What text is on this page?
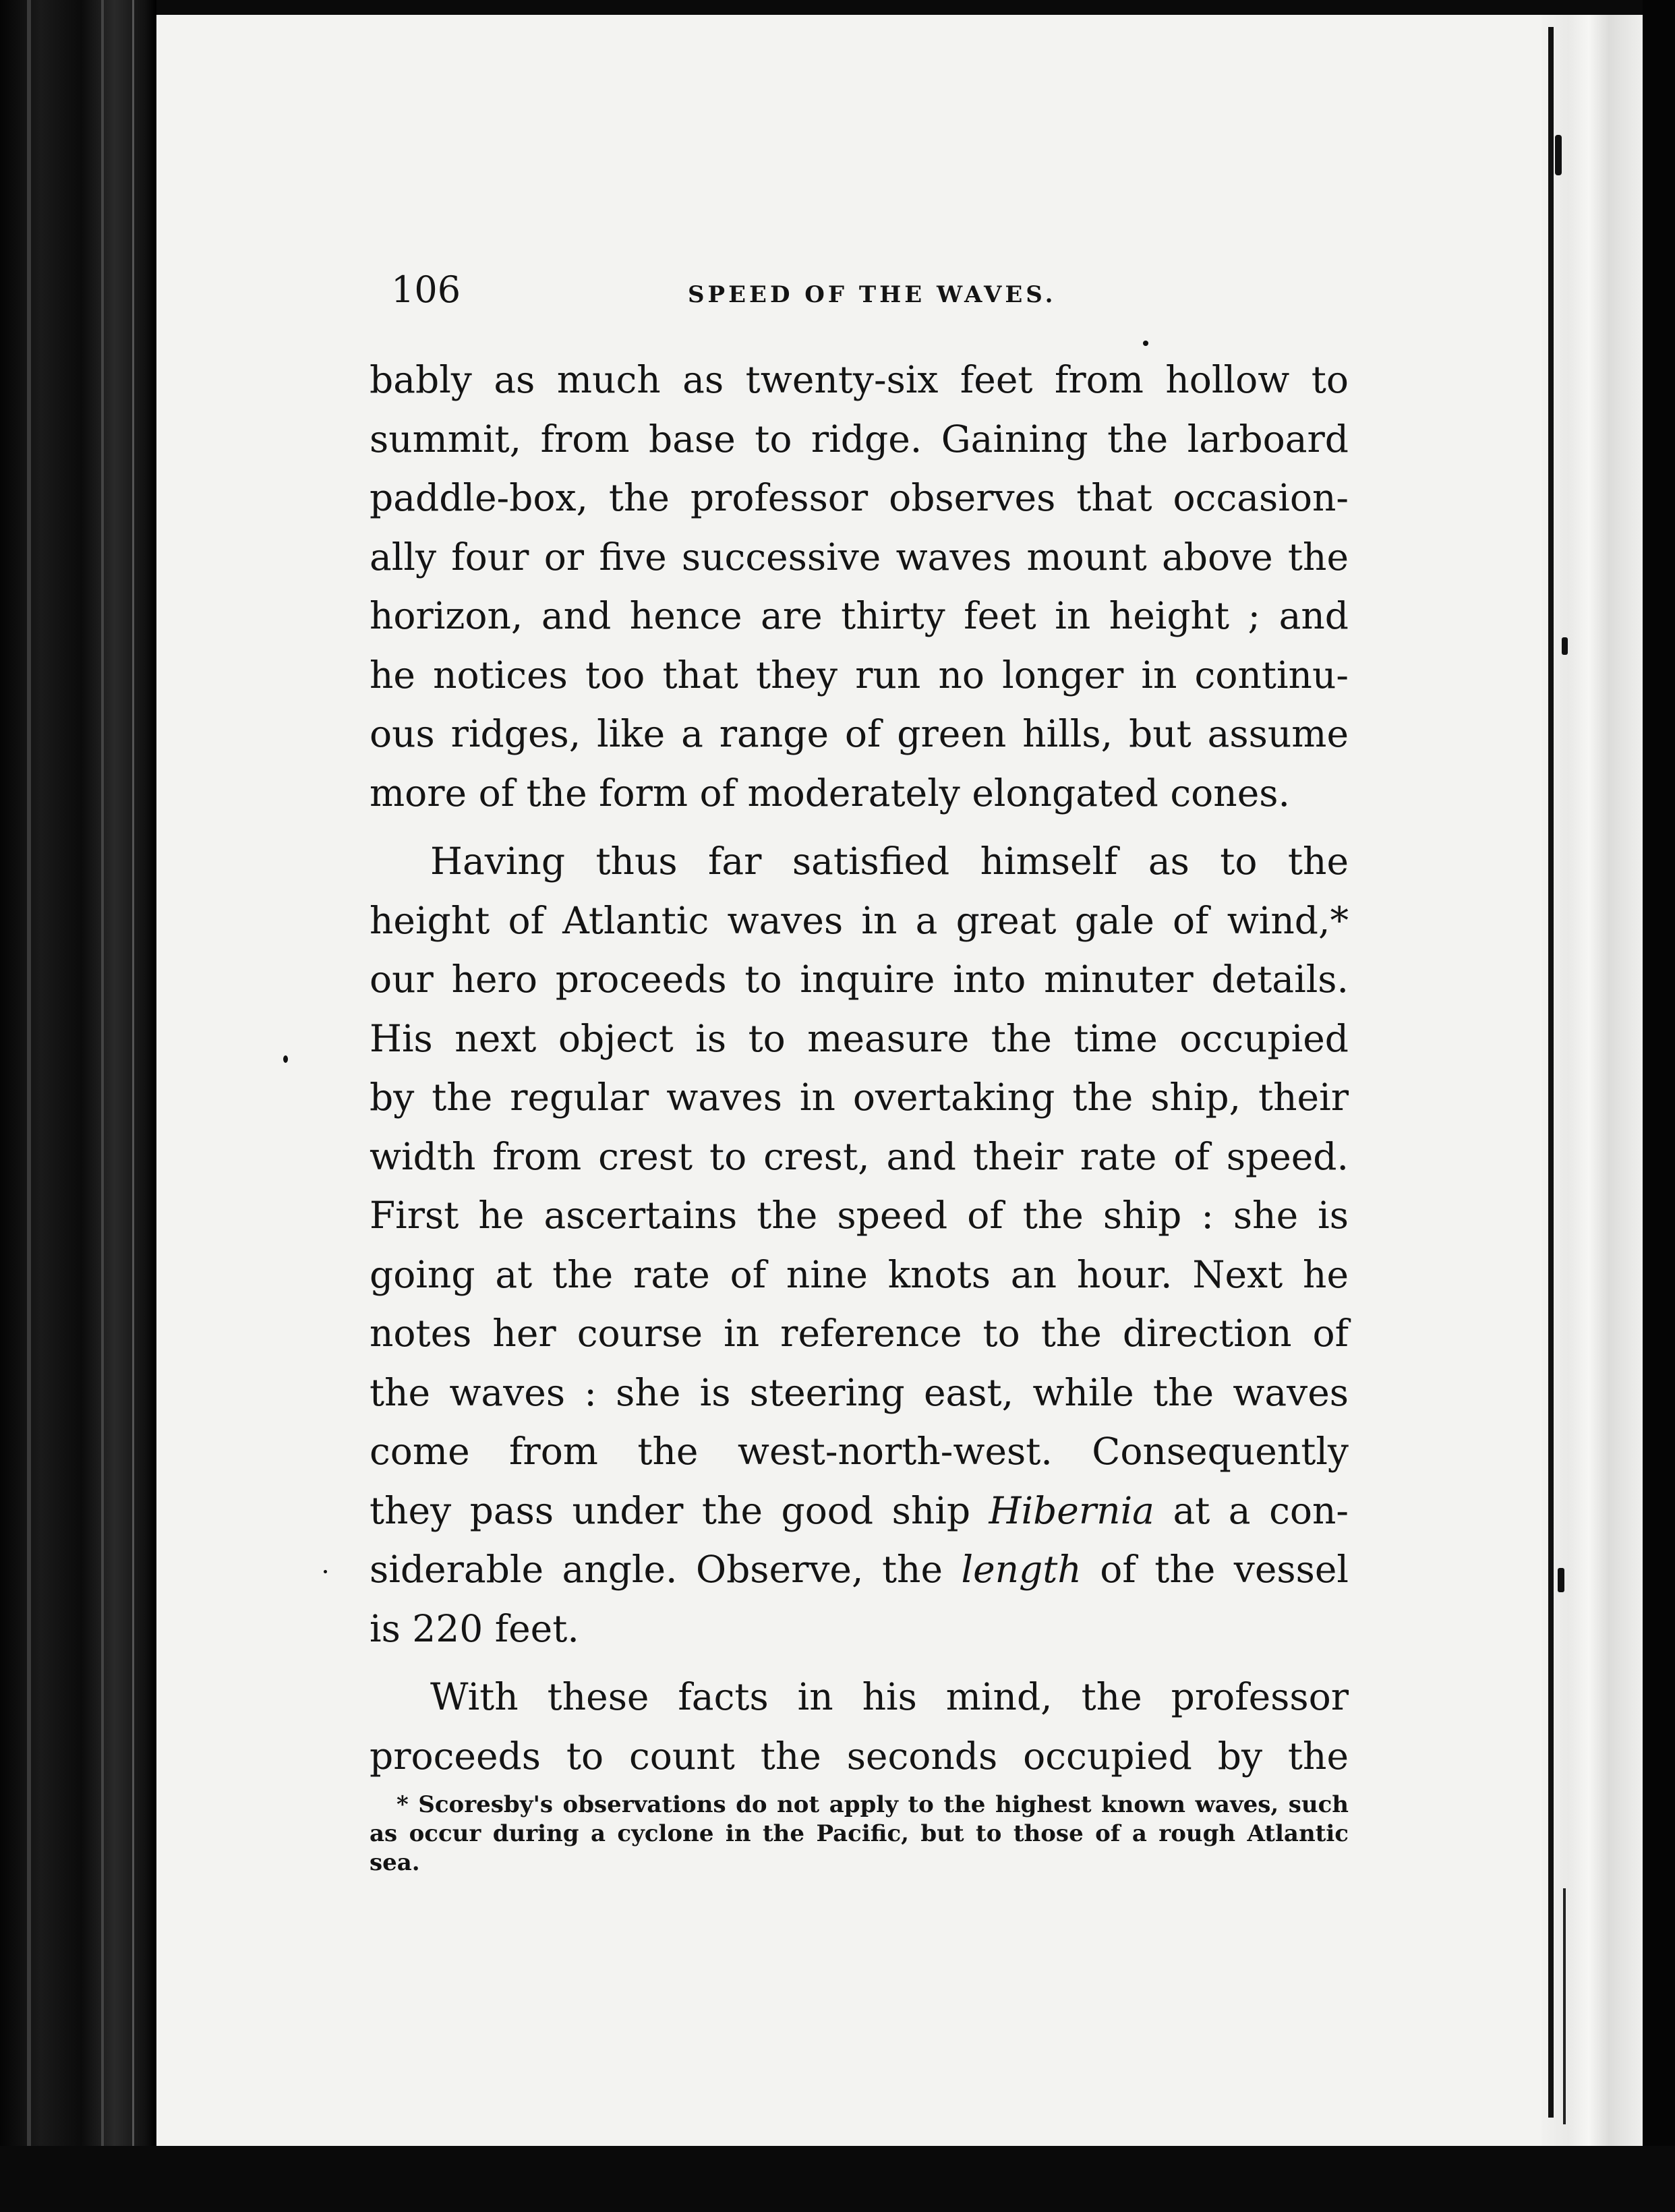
106	SPEED OF THE WAVES.
bably as much as twenty-six feet from hollow to
summit, from base to ridge. Gaining the larboard
paddle-box, the professor observes that occasion-
ally four or five successive waves mount above the
horizon, and hence are thirty feet in height ; and
he notices too that they run no longer in continu-
ous ridges, like a range of green hills, but assume
more of the form of moderately elongated cones.
Having thus far satisfied himself as to the
height of Atlantic waves in a great gale of wind,*
our hero proceeds to inquire into minuter details.
His next object is to measure the time occupied
by the regular waves in overtaking the ship, their
width from crest to crest, and their rate of speed.
First he ascertains the speed of the ship : she is
going at the rate of nine knots an hour. Next he
notes her course in reference to the direction of
the waves : she is steering east, while the waves
come from the west-north-west. Consequently
they pass under the good ship Hibernia at a con-
siderable angle. Observe, the length of the vessel
is 220 feet.
With these facts in his mind, the professor
proceeds to count the seconds occupied by the
* Scoresby's observations do not apply to the highest known waves, such
as occur during a cyclone in the Pacific, but to those of a rough Atlantic
sea.
